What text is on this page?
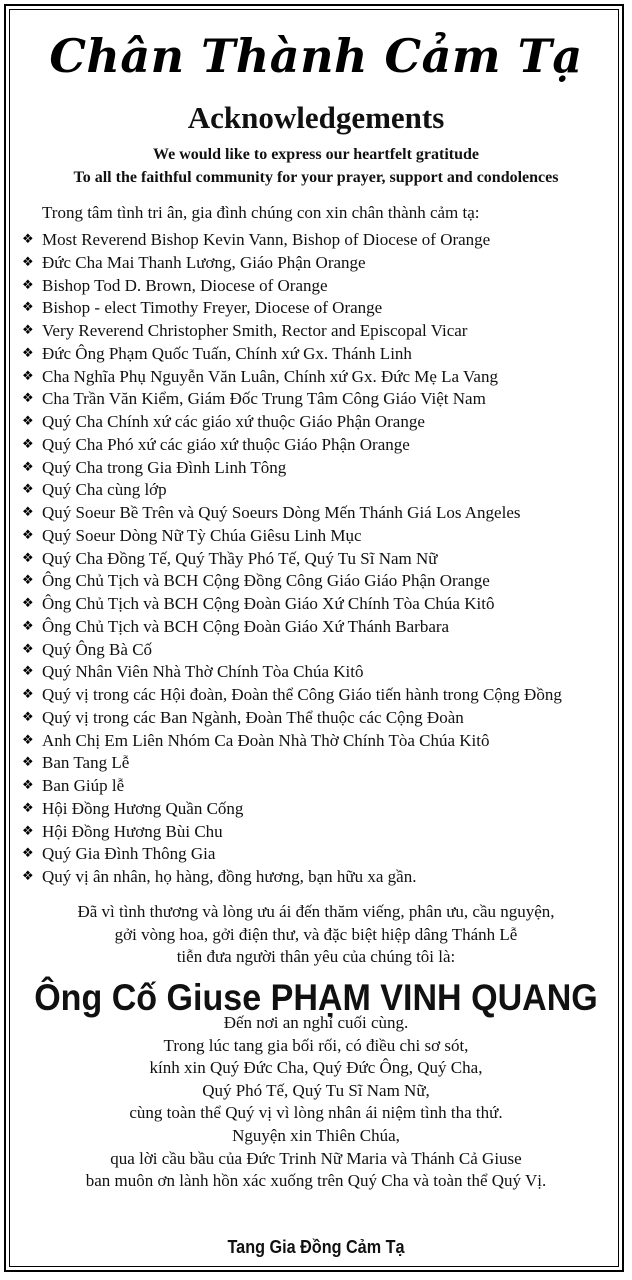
Chân Thành Cảm Tạ
Acknowledgements
We would like to express our heartfelt gratitude
To all the faithful community for your prayer, support and condolences
Trong tâm tình tri ân, gia đình chúng con xin chân thành cảm tạ:
❖ Most Reverend Bishop Kevin Vann, Bishop of Diocese of Orange
❖ Đức Cha Mai Thanh Lương, Giáo Phận Orange
❖ Bishop Tod D. Brown, Diocese of Orange
❖ Bishop - elect Timothy Freyer, Diocese of Orange
❖ Very Reverend Christopher Smith, Rector and Episcopal Vicar
❖ Đức Ông Phạm Quốc Tuấn, Chính xứ Gx. Thánh Linh
❖ Cha Nghĩa Phụ Nguyễn Văn Luân, Chính xứ Gx. Đức Mẹ La Vang
❖ Cha Trần Văn Kiểm, Giám Đốc Trung Tâm Công Giáo Việt Nam
❖ Quý Cha Chính xứ các giáo xứ thuộc Giáo Phận Orange
❖ Quý Cha Phó xứ các giáo xứ thuộc Giáo Phận Orange
❖ Quý Cha trong Gia Đình Linh Tông
❖ Quý Cha cùng lớp
❖ Quý Soeur Bề Trên và Quý Soeurs Dòng Mến Thánh Giá Los Angeles
❖ Quý Soeur Dòng Nữ Tỳ Chúa Giêsu Linh Mục
❖ Quý Cha Đồng Tế, Quý Thầy Phó Tế, Quý Tu Sĩ Nam Nữ
❖ Ông Chủ Tịch và BCH Cộng Đồng Công Giáo Giáo Phận Orange
❖ Ông Chủ Tịch và BCH Cộng Đoàn Giáo Xứ Chính Tòa Chúa Kitô
❖ Ông Chủ Tịch và BCH Cộng Đoàn Giáo Xứ Thánh Barbara
❖ Quý Ông Bà Cố
❖ Quý Nhân Viên Nhà Thờ Chính Tòa Chúa Kitô
❖ Quý vị trong các Hội đoàn, Đoàn thể Công Giáo tiến hành trong Cộng Đồng
❖ Quý vị trong các Ban Ngành, Đoàn Thể thuộc các Cộng Đoàn
❖ Anh Chị Em Liên Nhóm Ca Đoàn Nhà Thờ Chính Tòa Chúa Kitô
❖ Ban Tang Lễ
❖ Ban Giúp lễ
❖ Hội Đồng Hương Quần Cống
❖ Hội Đồng Hương Bùi Chu
❖ Quý Gia Đình Thông Gia
❖ Quý vị ân nhân, họ hàng, đồng hương, bạn hữu xa gần.
Đã vì tình thương và lòng ưu ái đến thăm viếng, phân ưu, cầu nguyện,
gởi vòng hoa, gởi điện thư, và đặc biệt hiệp dâng Thánh Lễ
tiễn đưa người thân yêu của chúng tôi là:
Ông Cố Giuse PHẠM VINH QUANG
Đến nơi an nghỉ cuối cùng.
Trong lúc tang gia bối rối, có điều chi sơ sót,
kính xin Quý Đức Cha, Quý Đức Ông, Quý Cha,
Quý Phó Tế, Quý Tu Sĩ Nam Nữ,
cùng toàn thể Quý vị vì lòng nhân ái niệm tình tha thứ.
Nguyện xin Thiên Chúa,
qua lời cầu bầu của Đức Trinh Nữ Maria và Thánh Cả Giuse
ban muôn ơn lành hồn xác xuống trên Quý Cha và toàn thể Quý Vị.
Tang Gia Đồng Cảm Tạ
